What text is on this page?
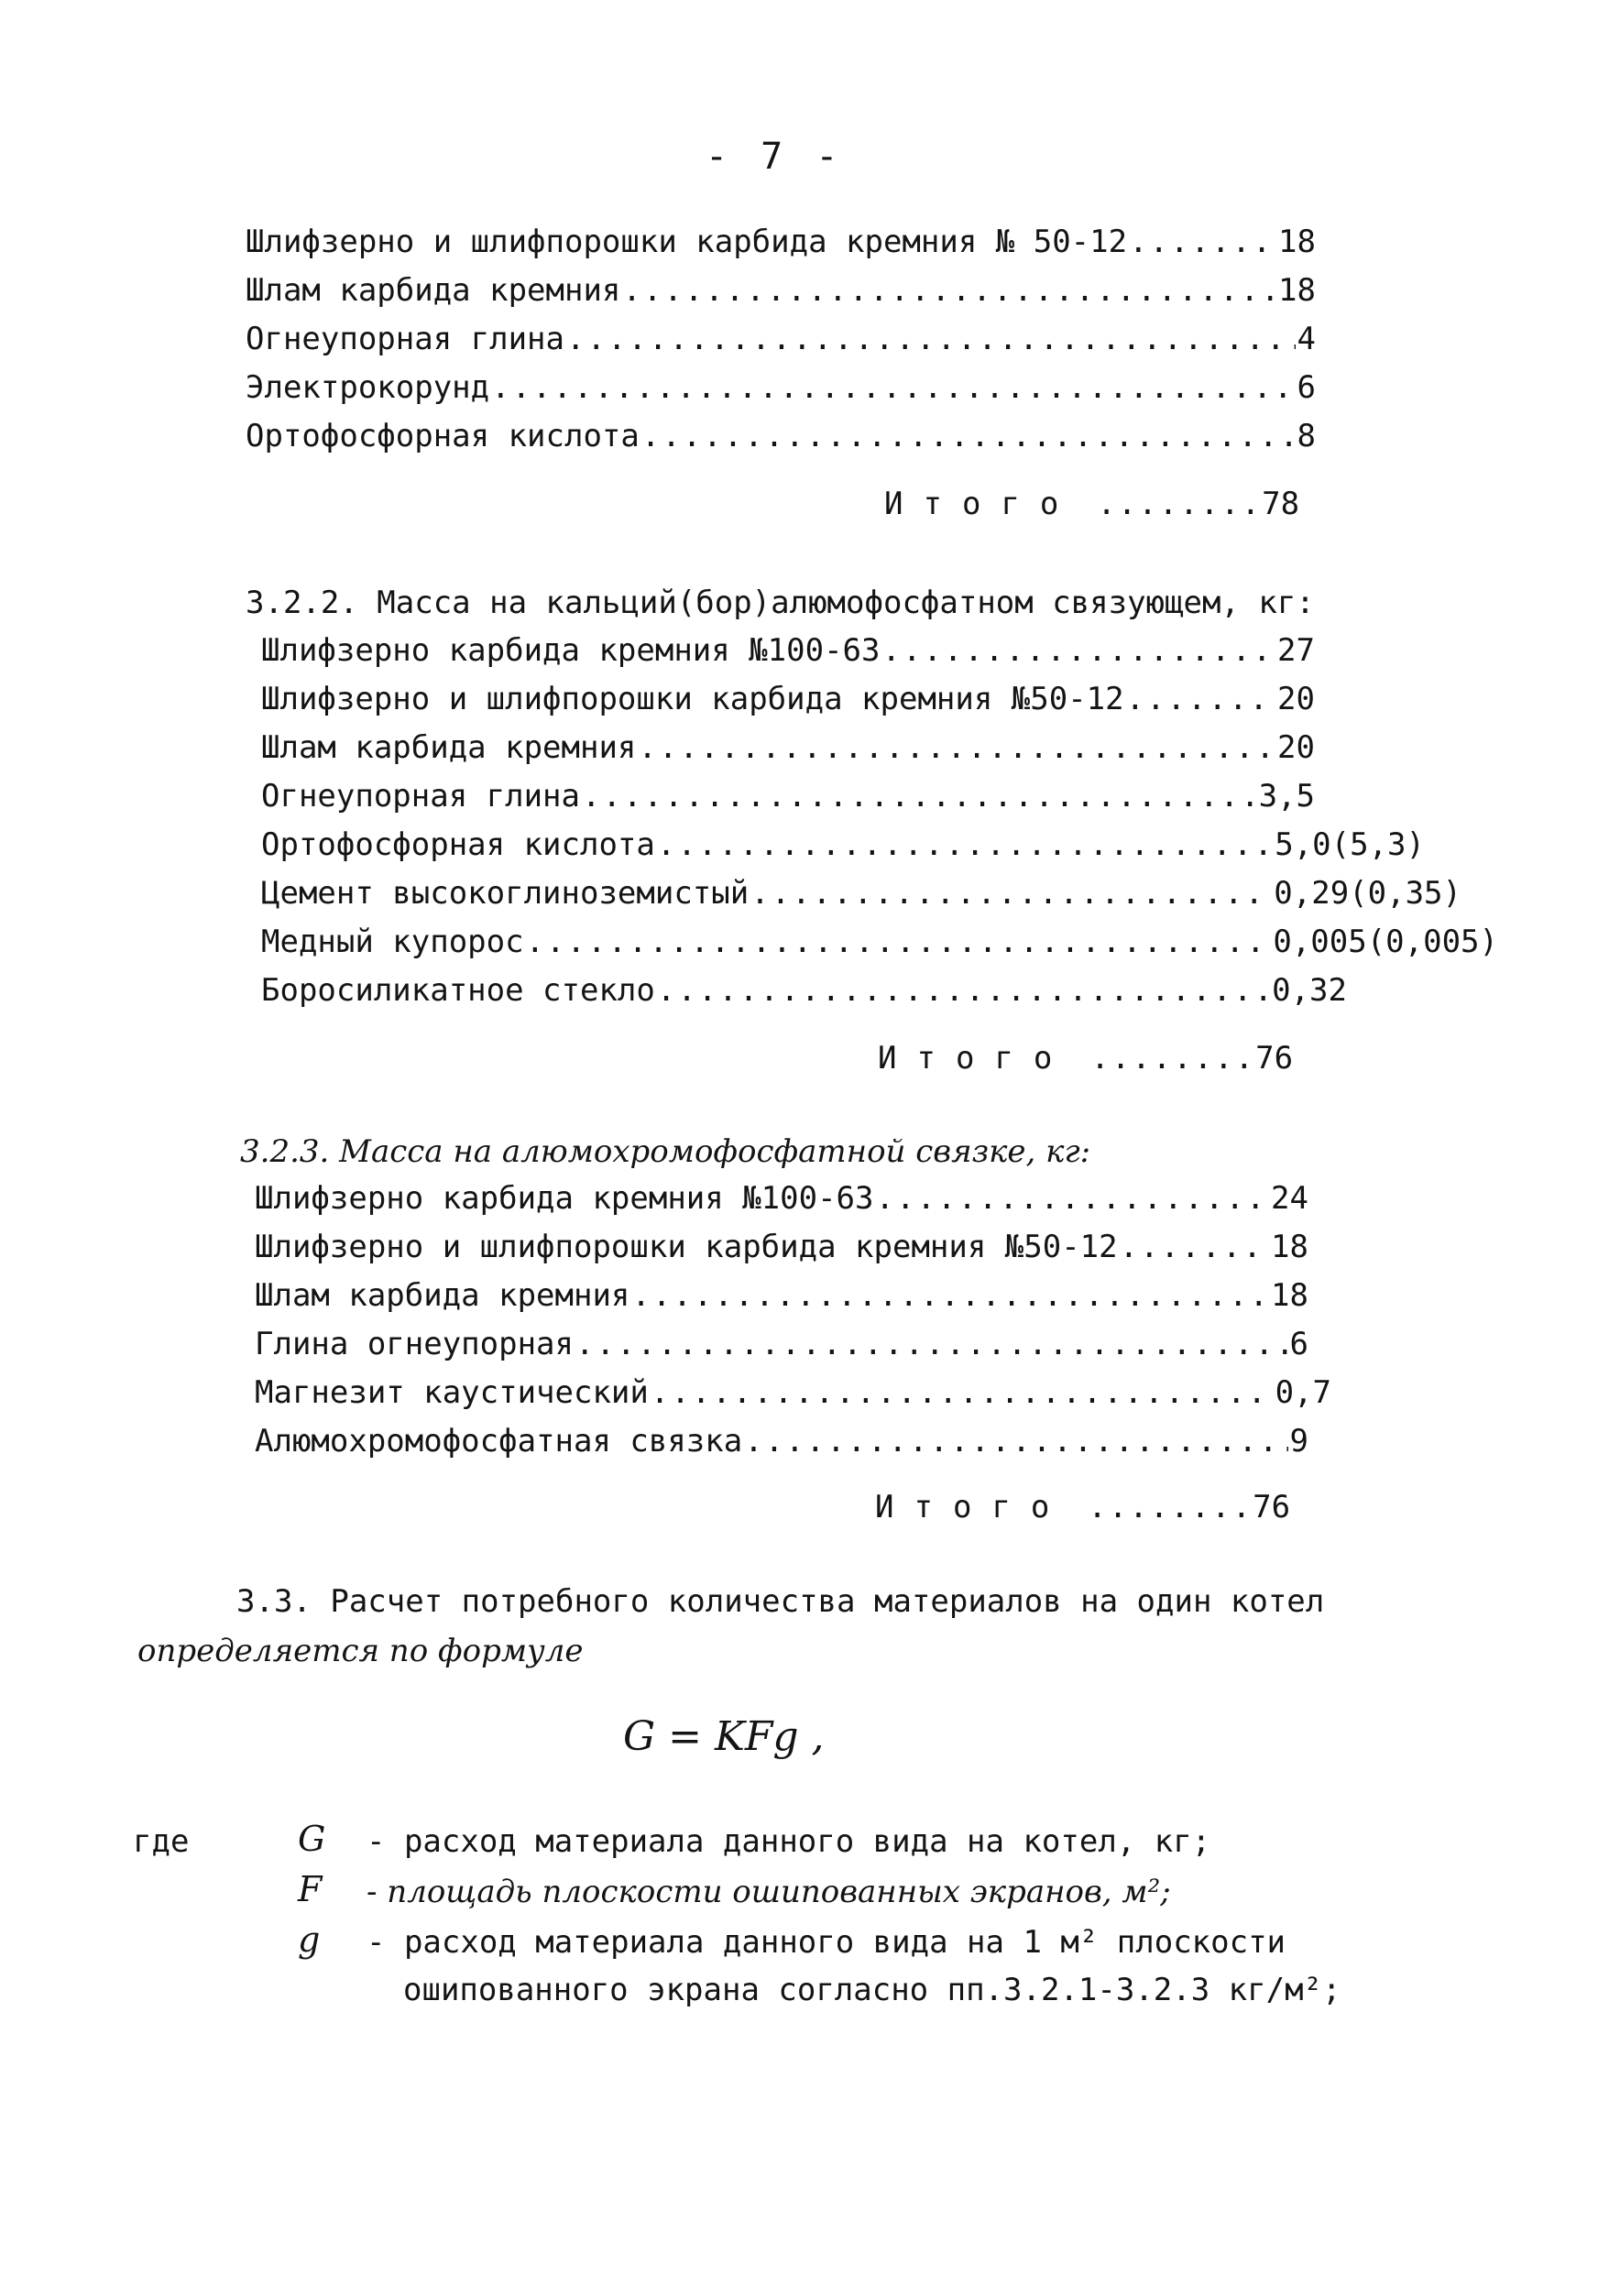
- 7 -
Шлифзерно и шлифпорошки карбида кремния № 50-12 .....	18
Шлам карбида кремния .....	18
Огнеупорная глина .....	4
Электрокорунд .....	6
Ортофосфорная кислота .....	8
Итого ........78
3.2.2. Масса на кальций(бор)алюмофосфатном связующем, кг:
Шлифзерно карбида кремния №100-63 .....	27
Шлифзерно и шлифпорошки карбида кремния №50-12 .....	20
Шлам карбида кремния .....	20
Огнеупорная глина .....	3,5
Ортофосфорная кислота .....	5,0(5,3)
Цемент высокоглиноземистый .....	0,29(0,35)
Медный купорос .....	0,005(0,005)
Боросиликатное стекло .....	0,32
Итого ........76
3.2.3. Масса на алюмохромофосфатной связке, кг:
Шлифзерно карбида кремния №100-63 .....	24
Шлифзерно и шлифпорошки карбида кремния №50-12 .....	18
Шлам карбида кремния .....	18
Глина огнеупорная .....	6
Магнезит каустический .....	0,7
Алюмохромофосфатная связка .....	9
Итого ........76
3.3. Расчет потребного количества материалов на один котел
определяется по формуле
G = KFg ,
где	G - расход материала данного вида на котел, кг;
F - площадь плоскости ошипованных экранов, м²;
g - расход материала данного вида на 1 м² плоскости
ошипованного экрана согласно пп.3.2.1-3.2.3 кг/м²;
